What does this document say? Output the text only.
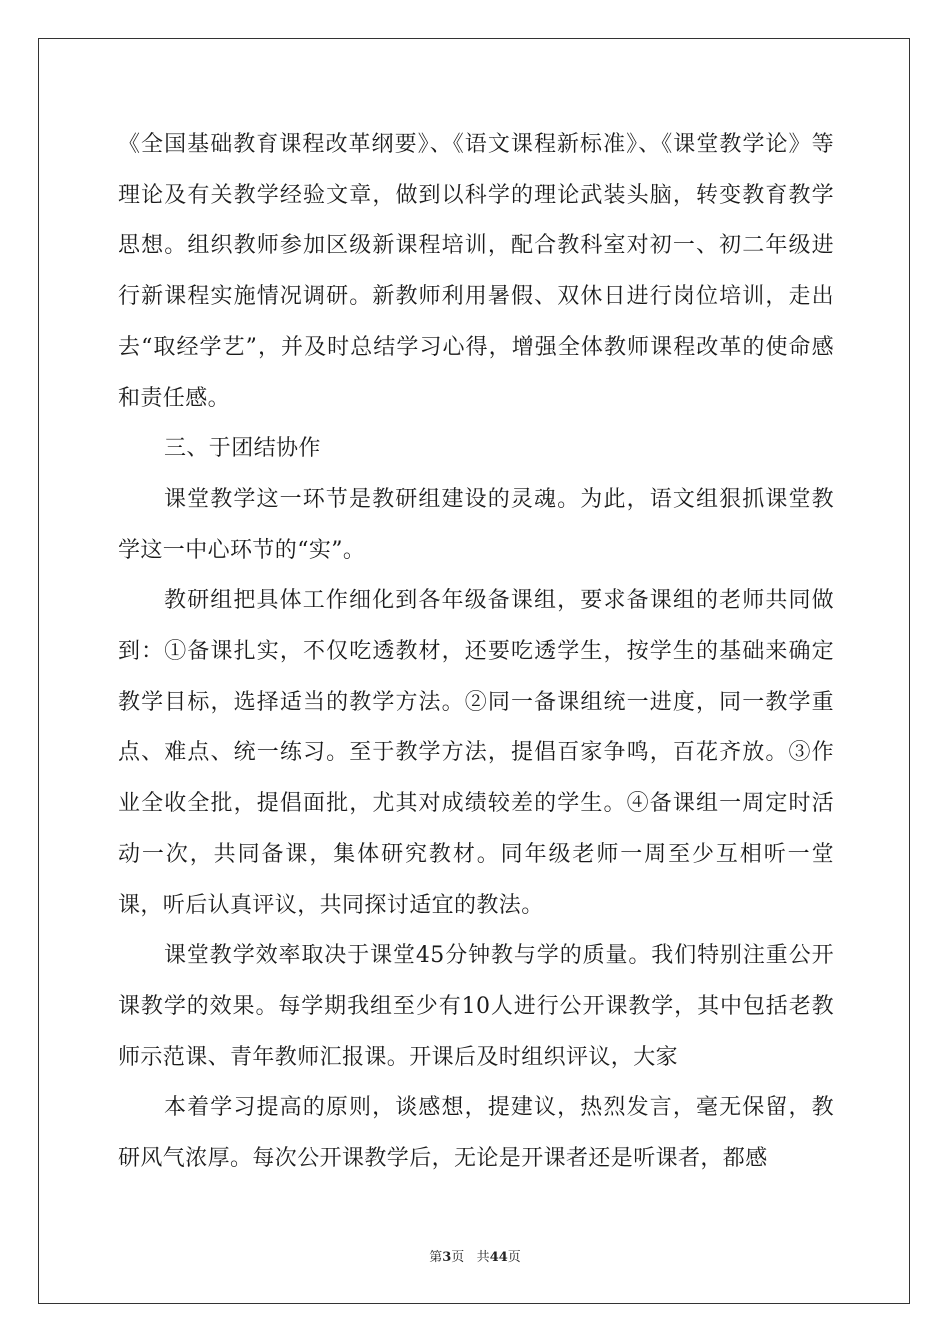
《全国基础教育课程改革纲要》、《语文课程新标准》、《课堂教学论》等理论及有关教学经验文章，做到以科学的理论武装头脑，转变教育教学思想。组织教师参加区级新课程培训，配合教科室对初一、初二年级进行新课程实施情况调研。新教师利用暑假、双休日进行岗位培训，走出去“取经学艺”，并及时总结学习心得，增强全体教师课程改革的使命感和责任感。

三、于团结协作

课堂教学这一环节是教研组建设的灵魂。为此，语文组狠抓课堂教学这一中心环节的“实”。

教研组把具体工作细化到各年级备课组，要求备课组的老师共同做到：①备课扎实，不仅吃透教材，还要吃透学生，按学生的基础来确定教学目标，选择适当的教学方法。②同一备课组统一进度，同一教学重点、难点、统一练习。至于教学方法，提倡百家争鸣，百花齐放。③作业全收全批，提倡面批，尤其对成绩较差的学生。④备课组一周定时活动一次，共同备课，集体研究教材。同年级老师一周至少互相听一堂课，听后认真评议，共同探讨适宜的教法。

课堂教学效率取决于课堂45分钟教与学的质量。我们特别注重公开课教学的效果。每学期我组至少有10人进行公开课教学，其中包括老教师示范课、青年教师汇报课。开课后及时组织评议，大家

本着学习提高的原则，谈感想，提建议，热烈发言，毫无保留，教研风气浓厚。每次公开课教学后，无论是开课者还是听课者，都感

第3页 共44页
